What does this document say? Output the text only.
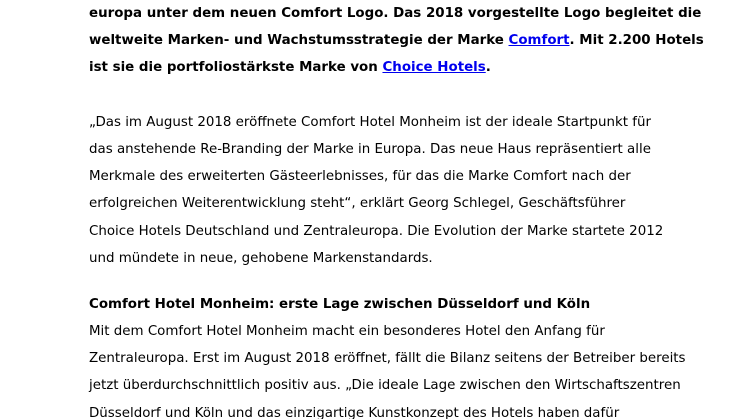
europa unter dem neuen Comfort Logo. Das 2018 vorgestellte Logo begleitet die
weltweite Marken- und Wachstumsstrategie der Marke Comfort. Mit 2.200 Hotels
ist sie die portfoliostärkste Marke von Choice Hotels.
„Das im August 2018 eröffnete Comfort Hotel Monheim ist der ideale Startpunkt für
das anstehende Re-Branding der Marke in Europa. Das neue Haus repräsentiert alle
Merkmale des erweiterten Gästeerlebnisses, für das die Marke Comfort nach der
erfolgreichen Weiterentwicklung steht“, erklärt Georg Schlegel, Geschäftsführer
Choice Hotels Deutschland und Zentraleuropa. Die Evolution der Marke startete 2012
und mündete in neue, gehobene Markenstandards.
Comfort Hotel Monheim: erste Lage zwischen Düsseldorf und Köln
Mit dem Comfort Hotel Monheim macht ein besonderes Hotel den Anfang für
Zentraleuropa. Erst im August 2018 eröffnet, fällt die Bilanz seitens der Betreiber bereits
jetzt überdurchschnittlich positiv aus. „Die ideale Lage zwischen den Wirtschaftszentren
Düsseldorf und Köln und das einzigartige Kunstkonzept des Hotels haben dafür
